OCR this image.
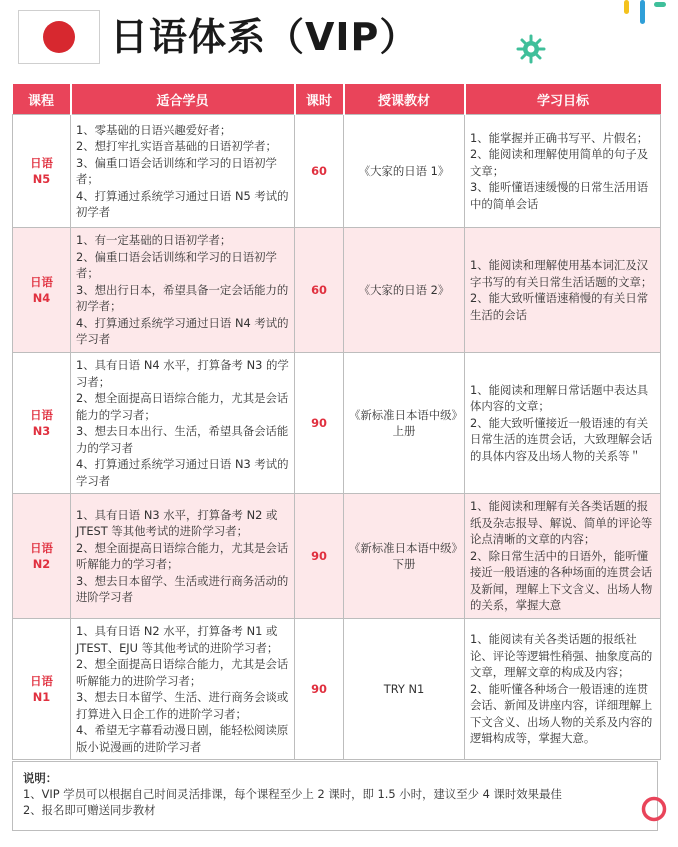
日语体系（VIP）
课程	适合学员	课时	授课教材	学习目标

日语
N5	1、零基础的日语兴趣爱好者；
2、想打牢扎实语音基础的日语初学者；
3、偏重口语会话训练和学习的日语初学者；
4、打算通过系统学习通过日语 N5 考试的初学者	60	《大家的日语 1》	1、能掌握并正确书写平、片假名；
2、能阅读和理解使用简单的句子及文章；
3、能听懂语速缓慢的日常生活用语中的简单会话

日语
N4	1、有一定基础的日语初学者；
2、偏重口语会话训练和学习的日语初学者；
3、想出行日本，希望具备一定会话能力的初学者；
4、打算通过系统学习通过日语 N4 考试的学习者	60	《大家的日语 2》	1、能阅读和理解使用基本词汇及汉字书写的有关日常生活话题的文章；
2、能大致听懂语速稍慢的有关日常生活的会话

日语
N3	1、具有日语 N4 水平，打算备考 N3 的学习者；
2、想全面提高日语综合能力，尤其是会话能力的学习者；
3、想去日本出行、生活，希望具备会话能力的学习者
4、打算通过系统学习通过日语 N3 考试的学习者	90	《新标准日本语中级》
上册	1、能阅读和理解日常话题中表达具体内容的文章；
2、能大致听懂接近一般语速的有关日常生活的连贯会话，大致理解会话的具体内容及出场人物的关系等＂

日语
N2	1、具有日语 N3 水平，打算备考 N2 或 JTEST 等其他考试的进阶学习者；
2、想全面提高日语综合能力，尤其是会话听解能力的学习者；
3、想去日本留学、生活或进行商务活动的进阶学习者	90	《新标准日本语中级》
下册	1、能阅读和理解有关各类话题的报纸及杂志报导、解说、简单的评论等论点清晰的文章的内容；
2、除日常生活中的日语外，能听懂接近一般语速的各种场面的连贯会话及新闻，理解上下文含义、出场人物的关系，掌握大意

日语
N1	1、具有日语 N2 水平，打算备考 N1 或 JTEST、EJU 等其他考试的进阶学习者；
2、想全面提高日语综合能力，尤其是会话听解能力的进阶学习者；
3、想去日本留学、生活、进行商务会谈或打算进入日企工作的进阶学习者；
4、希望无字幕看动漫日剧，能轻松阅读原版小说漫画的进阶学习者	90	TRY N1	1、能阅读有关各类话题的报纸社论、评论等逻辑性稍强、抽象度高的文章，理解文章的构成及内容；
2、能听懂各种场合一般语速的连贯会话、新闻及讲座内容，详细理解上下文含义、出场人物的关系及内容的逻辑构成等，掌握大意。
说明：
1、VIP 学员可以根据自己时间灵活排课，每个课程至少上 2 课时，即 1.5 小时，建议至少 4 课时效果最佳
2、报名即可赠送同步教材
